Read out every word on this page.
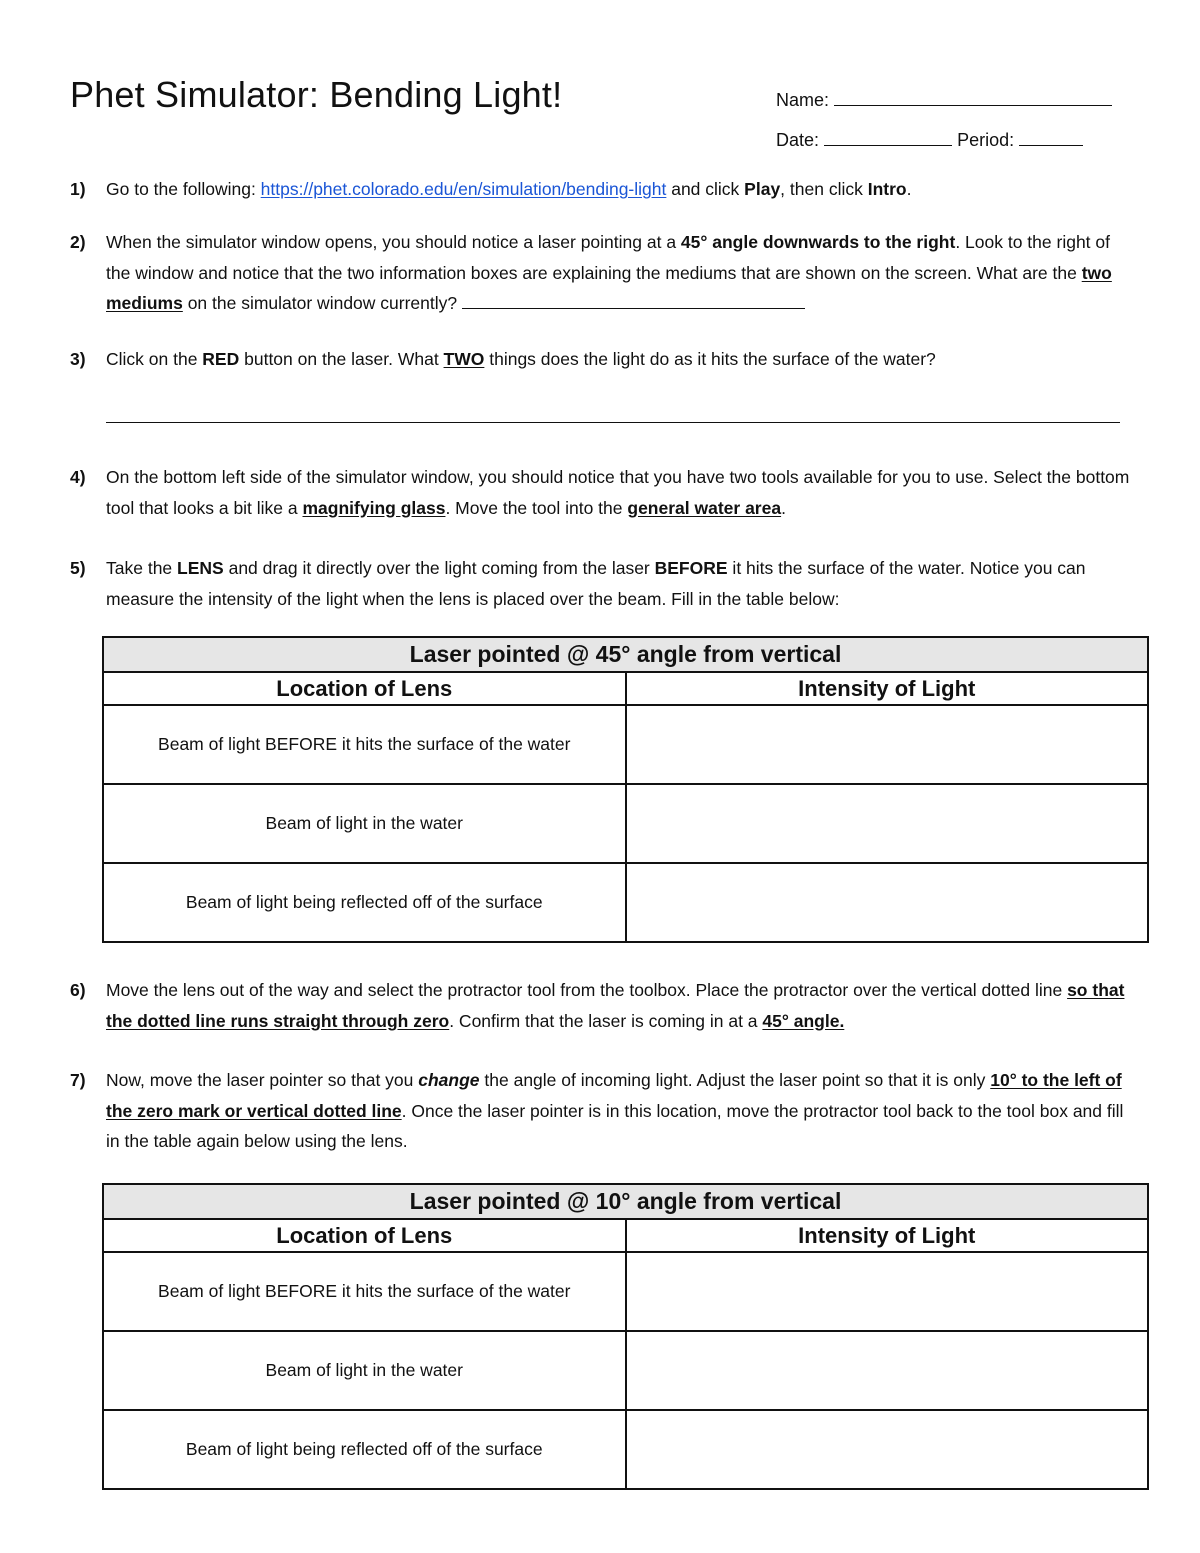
Phet Simulator: Bending Light!	Name:
Date:	Period:
1) Go to the following: https://phet.colorado.edu/en/simulation/bending-light and click Play, then click Intro.
2) When the simulator window opens, you should notice a laser pointing at a 45° angle downwards to the right. Look to the right of the window and notice that the two information boxes are explaining the mediums that are shown on the screen. What are the two mediums on the simulator window currently?
3) Click on the RED button on the laser. What TWO things does the light do as it hits the surface of the water?
4) On the bottom left side of the simulator window, you should notice that you have two tools available for you to use. Select the bottom tool that looks a bit like a magnifying glass. Move the tool into the general water area.
5) Take the LENS and drag it directly over the light coming from the laser BEFORE it hits the surface of the water. Notice you can measure the intensity of the light when the lens is placed over the beam. Fill in the table below:
Laser pointed @ 45° angle from vertical	
Location of Lens	Intensity of Light
Beam of light BEFORE it hits the surface of the water	
Beam of light in the water	
Beam of light being reflected off of the surface	
6) Move the lens out of the way and select the protractor tool from the toolbox. Place the protractor over the vertical dotted line so that the dotted line runs straight through zero. Confirm that the laser is coming in at a 45° angle.
7) Now, move the laser pointer so that you change the angle of incoming light. Adjust the laser point so that it is only 10° to the left of the zero mark or vertical dotted line. Once the laser pointer is in this location, move the protractor tool back to the tool box and fill in the table again below using the lens.
Laser pointed @ 10° angle from vertical	
Location of Lens	Intensity of Light
Beam of light BEFORE it hits the surface of the water	
Beam of light in the water	
Beam of light being reflected off of the surface	
